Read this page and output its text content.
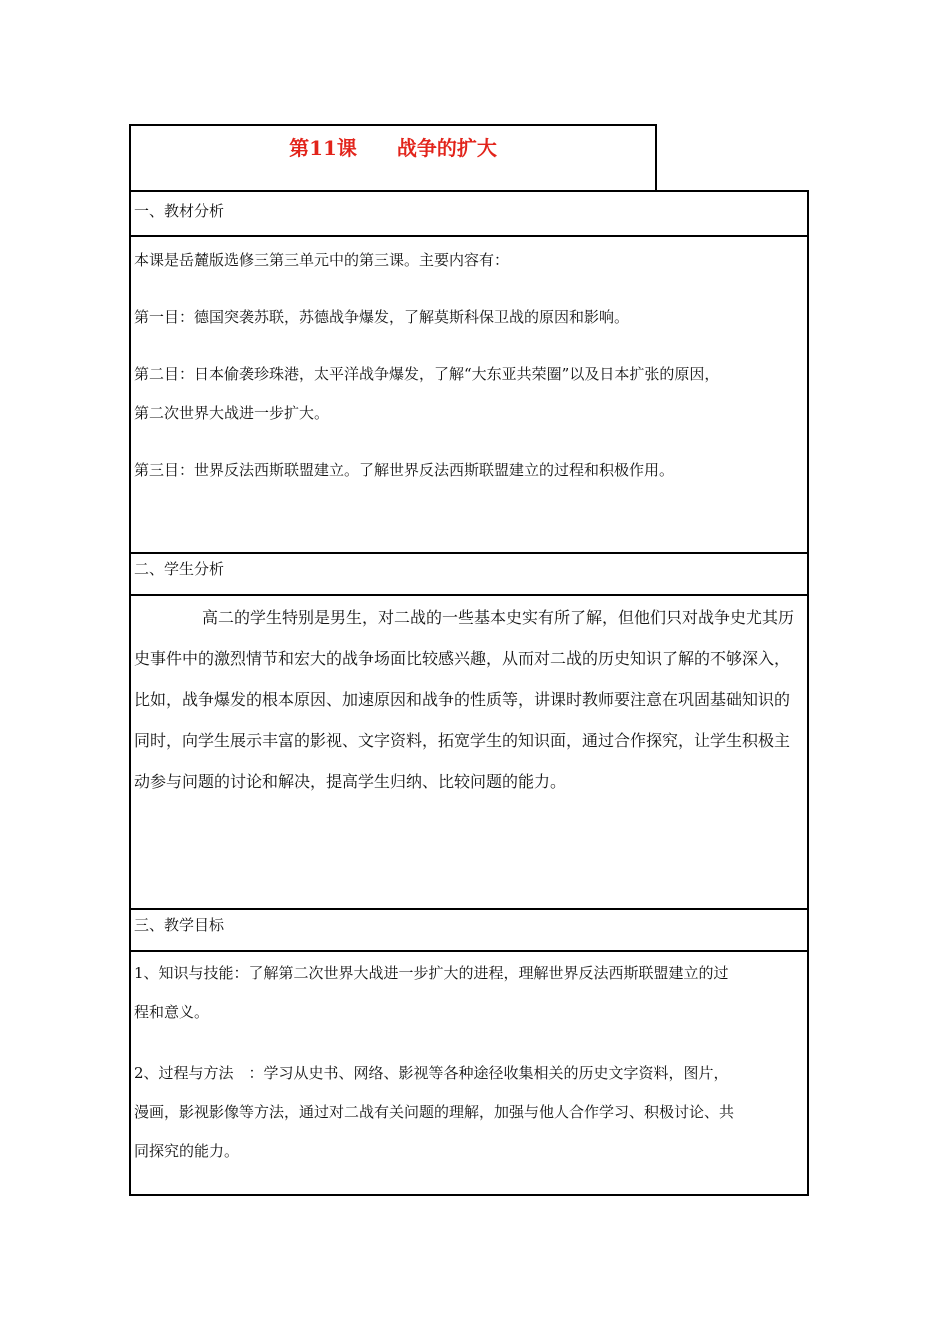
第11课　　战争的扩大
一、教材分析

本课是岳麓版选修三第三单元中的第三课。主要内容有：

第一目：德国突袭苏联，苏德战争爆发，了解莫斯科保卫战的原因和影响。

第二目：日本偷袭珍珠港，太平洋战争爆发，了解“大东亚共荣圈”以及日本扩张的原因，

第二次世界大战进一步扩大。

第三目：世界反法西斯联盟建立。了解世界反法西斯联盟建立的过程和积极作用。

二、学生分析

高二的学生特别是男生，对二战的一些基本史实有所了解，但他们只对战争史尤其历史事件中的激烈情节和宏大的战争场面比较感兴趣，从而对二战的历史知识了解的不够深入，比如，战争爆发的根本原因、加速原因和战争的性质等，讲课时教师要注意在巩固基础知识的同时，向学生展示丰富的影视、文字资料，拓宽学生的知识面，通过合作探究，让学生积极主动参与问题的讨论和解决，提高学生归纳、比较问题的能力。

三、教学目标

1、知识与技能：了解第二次世界大战进一步扩大的进程，理解世界反法西斯联盟建立的过

程和意义。

2、过程与方法　：学习从史书、网络、影视等各种途径收集相关的历史文字资料，图片，

漫画，影视影像等方法，通过对二战有关问题的理解，加强与他人合作学习、积极讨论、共

同探究的能力。
